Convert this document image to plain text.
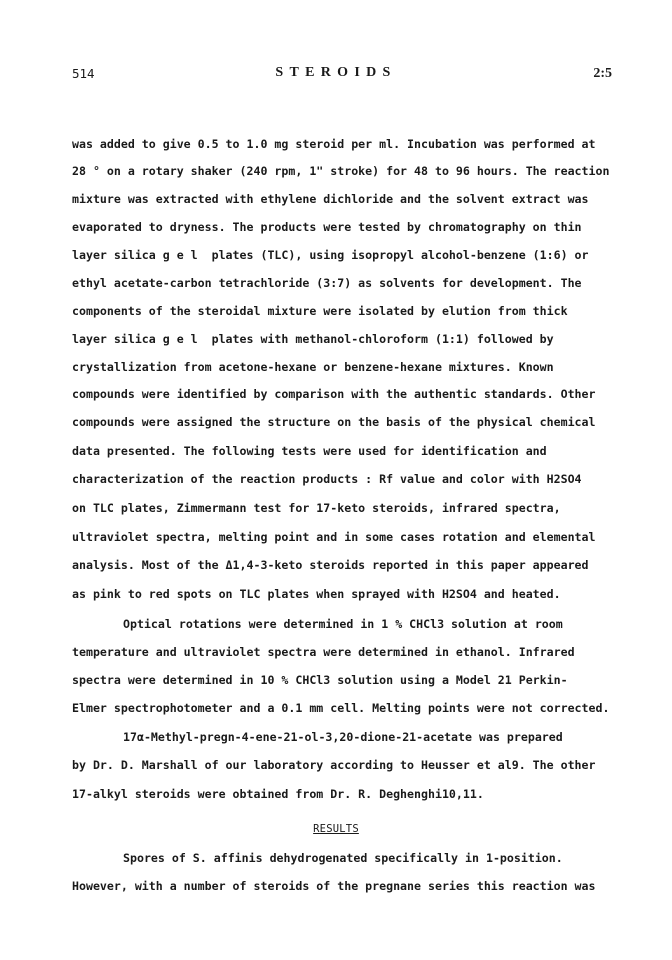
514	STEROIDS	2:5
was added to give 0.5 to 1.0 mg steroid per ml. Incubation was performed at
28 ° on a rotary shaker (240 rpm, 1" stroke) for 48 to 96 hours. The reaction
mixture was extracted with ethylene dichloride and the solvent extract was
evaporated to dryness. The products were tested by chromatography on thin
layer silica g e l  plates (TLC), using isopropyl alcohol-benzene (1:6) or
ethyl acetate-carbon tetrachloride (3:7) as solvents for development. The
components of the steroidal mixture were isolated by elution from thick
layer silica g e l  plates with methanol-chloroform (1:1) followed by
crystallization from acetone-hexane or benzene-hexane mixtures. Known
compounds were identified by comparison with the authentic standards. Other
compounds were assigned the structure on the basis of the physical chemical
data presented. The following tests were used for identification and
characterization of the reaction products : Rf value and color with H2SO4
on TLC plates, Zimmermann test for 17-keto steroids, infrared spectra,
ultraviolet spectra, melting point and in some cases rotation and elemental
analysis. Most of the Δ1,4-3-keto steroids reported in this paper appeared
as pink to red spots on TLC plates when sprayed with H2SO4 and heated.
Optical rotations were determined in 1 % CHCl3 solution at room
temperature and ultraviolet spectra were determined in ethanol. Infrared
spectra were determined in 10 % CHCl3 solution using a Model 21 Perkin-
Elmer spectrophotometer and a 0.1 mm cell. Melting points were not corrected.
17α-Methyl-pregn-4-ene-21-ol-3,20-dione-21-acetate was prepared
by Dr. D. Marshall of our laboratory according to Heusser et al9. The other
17-alkyl steroids were obtained from Dr. R. Deghenghi10,11.
RESULTS
Spores of S. affinis dehydrogenated specifically in 1-position.
However, with a number of steroids of the pregnane series this reaction was
